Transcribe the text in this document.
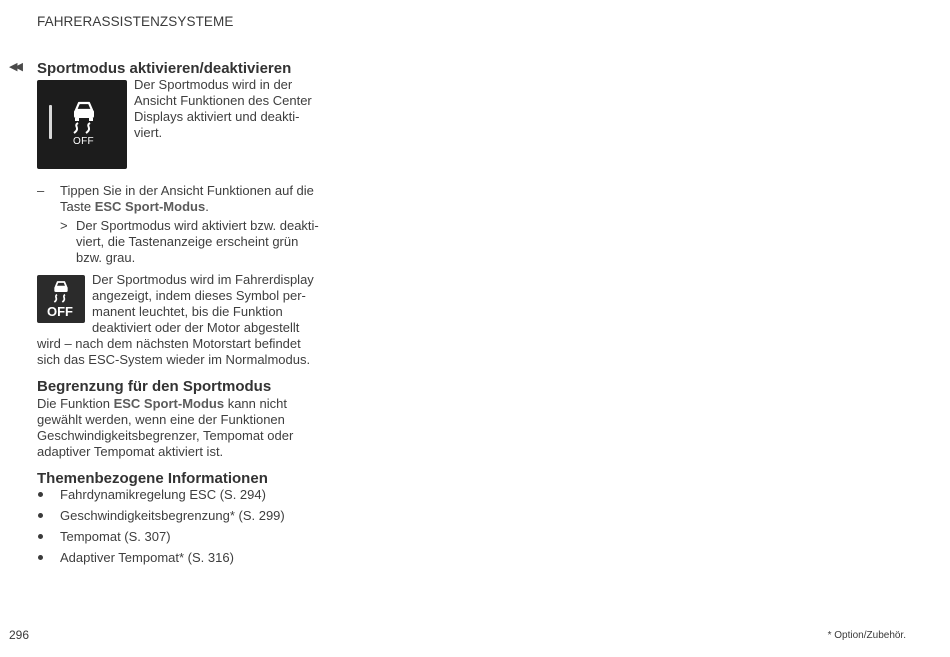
FAHRERASSISTENZSYSTEME
◀◀ Sportmodus aktivieren/deaktivieren
OFF
Der Sportmodus wird in der
Ansicht Funktionen des Center
Displays aktiviert und deakti-
viert.
– Tippen Sie in der Ansicht Funktionen auf die
Taste ESC Sport-Modus.
> Der Sportmodus wird aktiviert bzw. deakti-
viert, die Tastenanzeige erscheint grün
bzw. grau.
OFF
Der Sportmodus wird im Fahrerdisplay
angezeigt, indem dieses Symbol per-
manent leuchtet, bis die Funktion
deaktiviert oder der Motor abgestellt
wird – nach dem nächsten Motorstart befindet
sich das ESC-System wieder im Normalmodus.
Begrenzung für den Sportmodus
Die Funktion ESC Sport-Modus kann nicht
gewählt werden, wenn eine der Funktionen
Geschwindigkeitsbegrenzer, Tempomat oder
adaptiver Tempomat aktiviert ist.
Themenbezogene Informationen
Fahrdynamikregelung ESC (S. 294)
Geschwindigkeitsbegrenzung* (S. 299)
Tempomat (S. 307)
Adaptiver Tempomat* (S. 316)
296	* Option/Zubehör.
